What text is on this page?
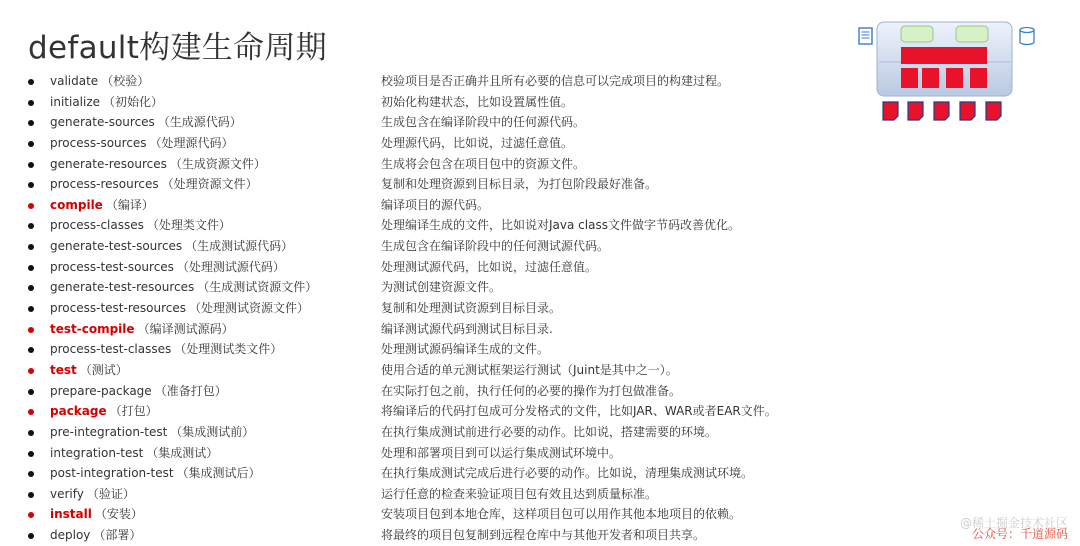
default构建生命周期
validate （校验）	校验项目是否正确并且所有必要的信息可以完成项目的构建过程。
initialize （初始化）	初始化构建状态，比如设置属性值。
generate-sources （生成源代码）	生成包含在编译阶段中的任何源代码。
process-sources （处理源代码）	处理源代码，比如说，过滤任意值。
generate-resources （生成资源文件）	生成将会包含在项目包中的资源文件。
process-resources （处理资源文件）	复制和处理资源到目标目录，为打包阶段最好准备。
compile （编译）	编译项目的源代码。
process-classes （处理类文件）	处理编译生成的文件，比如说对Java class文件做字节码改善优化。
generate-test-sources （生成测试源代码）	生成包含在编译阶段中的任何测试源代码。
process-test-sources （处理测试源代码）	处理测试源代码，比如说，过滤任意值。
generate-test-resources （生成测试资源文件）	为测试创建资源文件。
process-test-resources （处理测试资源文件）	复制和处理测试资源到目标目录。
test-compile （编译测试源码）	编译测试源代码到测试目标目录.
process-test-classes （处理测试类文件）	处理测试源码编译生成的文件。
test （测试）	使用合适的单元测试框架运行测试（Juint是其中之一）。
prepare-package （准备打包）	在实际打包之前，执行任何的必要的操作为打包做准备。
package （打包）	将编译后的代码打包成可分发格式的文件，比如JAR、WAR或者EAR文件。
pre-integration-test （集成测试前）	在执行集成测试前进行必要的动作。比如说，搭建需要的环境。
integration-test （集成测试）	处理和部署项目到可以运行集成测试环境中。
post-integration-test （集成测试后）	在执行集成测试完成后进行必要的动作。比如说，清理集成测试环境。
verify （验证）	运行任意的检查来验证项目包有效且达到质量标准。
install （安装）	安装项目包到本地仓库，这样项目包可以用作其他本地项目的依赖。
deploy （部署）	将最终的项目包复制到远程仓库中与其他开发者和项目共享。
@稀土掘金技术社区
公众号：千道源码
